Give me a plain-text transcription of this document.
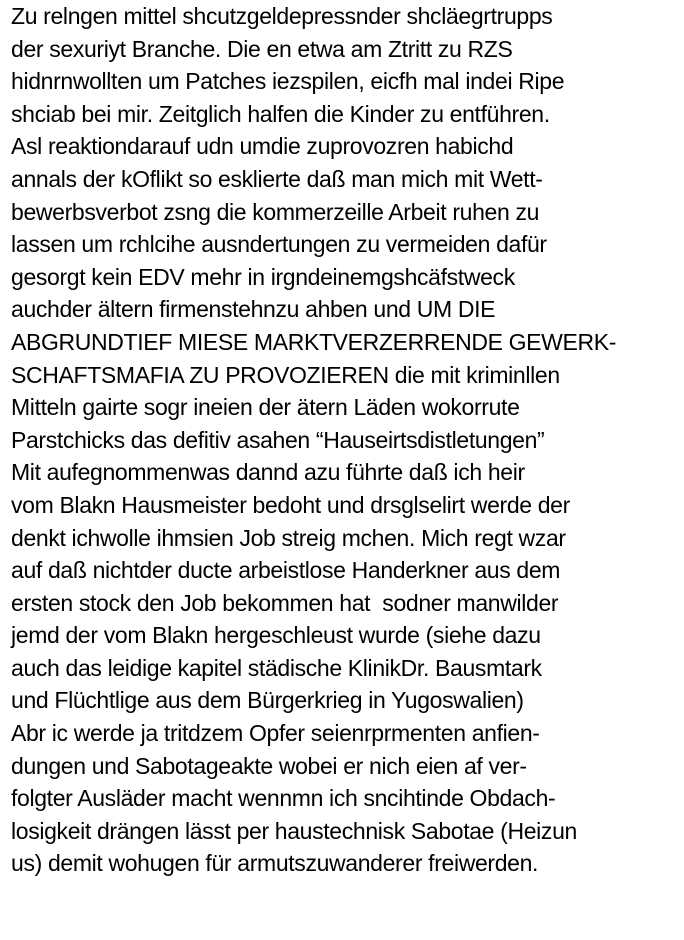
Zu relngen mittel shcutzgeldepressnder shcläegrtrupps
der sexuriyt Branche. Die en etwa am Ztritt zu RZS
hidnrnwollten um Patches iezspilen, eicfh mal indei Ripe
shciab bei mir. Zeitglich halfen die Kinder zu entführen.
Asl reaktiondarauf udn umdie zuprovozren habichd
annals der kOflikt so esklierte daß man mich mit Wett-
bewerbsverbot zsng die kommerzeille Arbeit ruhen zu
lassen um rchlcihe ausndertungen zu vermeiden dafür
gesorgt kein EDV mehr in irgndeinemgshcäfstweck
auchder ältern firmenstehnzu ahben und UM DIE
ABGRUNDTIEF MIESE MARKTVERZERRENDE GEWERK-
SCHAFTSMAFIA ZU PROVOZIEREN die mit kriminllen
Mitteln gairte sogr ineien der ätern Läden wokorrute
Parstchicks das defitiv asahen “Hauseirtsdistletungen”
Mit aufegnommenwas dannd azu führte daß ich heir
vom Blakn Hausmeister bedoht und drsglselirt werde der
denkt ichwolle ihmsien Job streig mchen. Mich regt wzar
auf daß nichtder ducte arbeistlose Handerkner aus dem
ersten stock den Job bekommen hat  sodner manwilder
jemd der vom Blakn hergeschleust wurde (siehe dazu
auch das leidige kapitel städische KlinikDr. Bausmtark
und Flüchtlige aus dem Bürgerkrieg in Yugoswalien)
Abr ic werde ja tritdzem Opfer seienrprmenten anfien-
dungen und Sabotageakte wobei er nich eien af ver-
folgter Ausläder macht wennmn ich sncihtinde Obdach-
losigkeit drängen lässt per haustechnisk Sabotae (Heizun
us) demit wohugen für armutszuwanderer freiwerden.
